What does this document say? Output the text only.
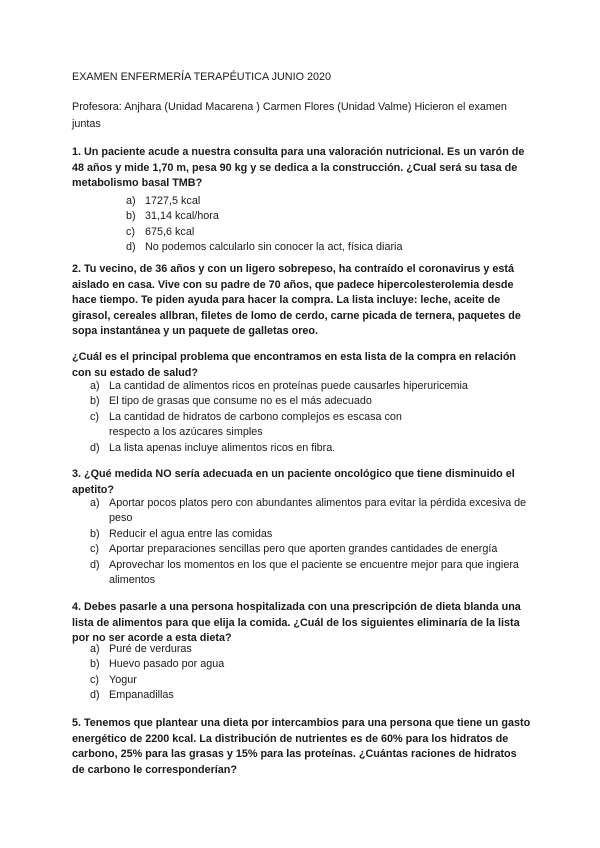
EXAMEN ENFERMERÍA TERAPÉUTICA JUNIO 2020
Profesora: Anjhara (Unidad Macarena ) Carmen Flores (Unidad Valme) Hicieron el examen juntas
1. Un paciente acude a nuestra consulta para una valoración nutricional. Es un varón de 48 años y mide 1,70 m, pesa 90 kg y se dedica a la construcción. ¿Cual será su tasa de metabolismo basal TMB?
a) 1727,5 kcal
b) 31,14 kcal/hora
c) 675,6 kcal
d) No podemos calcularlo sin conocer la act, física diaria
2. Tu vecino, de 36 años y con un ligero sobrepeso, ha contraído el coronavirus y está aislado en casa. Vive con su padre de 70 años, que padece hipercolesterolemia desde hace tiempo. Te piden ayuda para hacer la compra. La lista incluye: leche, aceite de girasol, cereales allbran, filetes de lomo de cerdo, carne picada de ternera, paquetes de sopa instantánea y un paquete de galletas oreo.
¿Cuál es el principal problema que encontramos en esta lista de la compra en relación con su estado de salud?
a) La cantidad de alimentos ricos en proteínas puede causarles hiperuricemia
b) El tipo de grasas que consume no es el más adecuado
c) La cantidad de hidratos de carbono complejos es escasa con respecto a los azúcares simples
d) La lista apenas incluye alimentos ricos en fibra.
3. ¿Qué medida NO sería adecuada en un paciente oncológico que tiene disminuido el apetito?
a) Aportar pocos platos pero con abundantes alimentos para evitar la pérdida excesiva de peso
b) Reducir el agua entre las comidas
c) Aportar preparaciones sencillas pero que aporten grandes cantidades de energía
d) Aprovechar los momentos en los que el paciente se encuentre mejor para que ingiera alimentos
4. Debes pasarle a una persona hospitalizada con una prescripción de dieta blanda una lista de alimentos para que elija la comida. ¿Cuál de los siguientes eliminaría de la lista por no ser acorde a esta dieta?
a) Puré de verduras
b) Huevo pasado por agua
c) Yogur
d) Empanadillas
5. Tenemos que plantear una dieta por intercambios para una persona que tiene un gasto energético de 2200 kcal. La distribución de nutrientes es de 60% para los hidratos de carbono, 25% para las grasas y 15% para las proteínas. ¿Cuántas raciones de hidratos de carbono le corresponderían?
